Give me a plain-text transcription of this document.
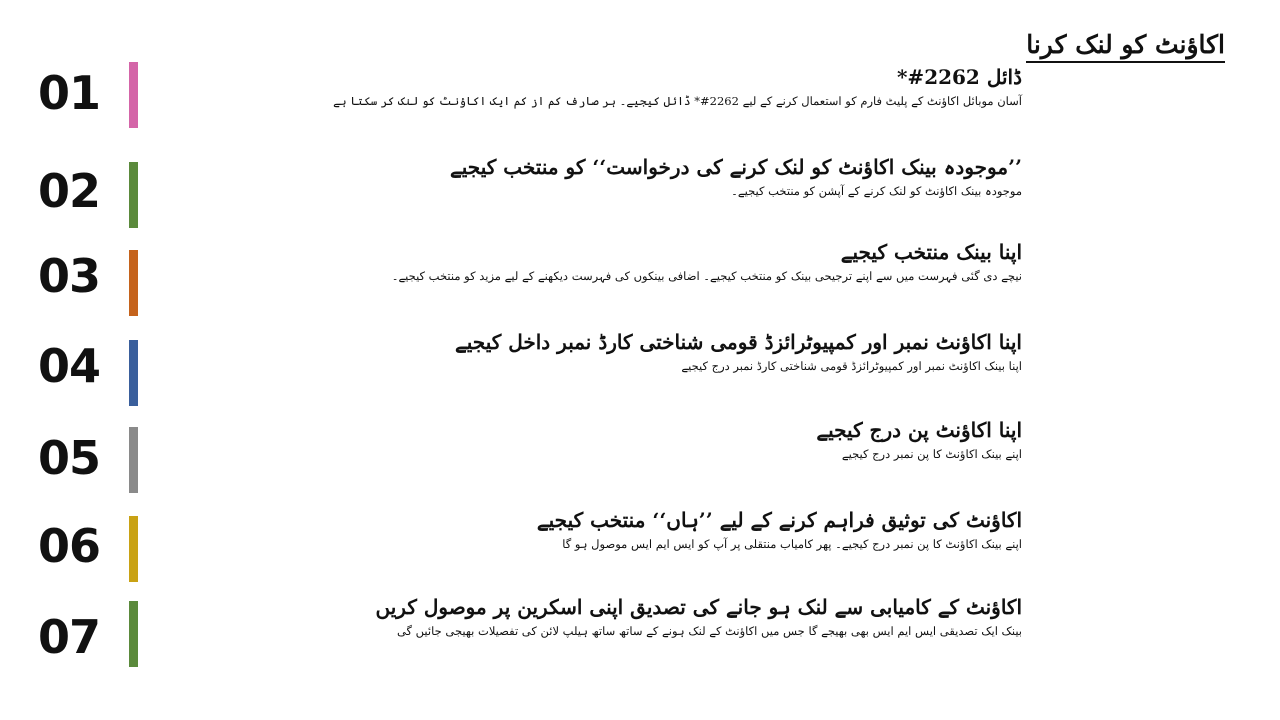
اکاؤنٹ کو لنک کرنا
01	ڈائل 2262#*
آسان موبائل اکاؤنٹ کے پلیٹ فارم کو استعمال کرنے کے لیے 2262#* ڈائل کیجیے۔ ہر صارف کم از کم ایک اکاؤنٹ کو لنک کر سکتا ہے
02	’’موجودہ بینک اکاؤنٹ کو لنک کرنے کی درخواست‘‘ کو منتخب کیجیے
موجودہ بینک اکاؤنٹ کو لنک کرنے کے آپشن کو منتخب کیجیے۔
03	اپنا بینک منتخب کیجیے
نیچے دی گئی فہرست میں سے اپنے ترجیحی بینک کو منتخب کیجیے۔ اضافی بینکوں کی فہرست دیکھنے کے لیے مزید کو منتخب کیجیے۔
04	اپنا اکاؤنٹ نمبر اور کمپیوٹرائزڈ قومی شناختی کارڈ نمبر داخل کیجیے
اپنا بینک اکاؤنٹ نمبر اور کمپیوٹرائزڈ قومی شناختی کارڈ نمبر درج کیجیے
05
اپنا اکاؤنٹ پن درج کیجیے
اپنے بینک اکاؤنٹ کا پن نمبر درج کیجیے
06	اکاؤنٹ کی توثیق فراہم کرنے کے لیے ’’ہاں‘‘ منتخب کیجیے
اپنے بینک اکاؤنٹ کا پن نمبر درج کیجیے۔ پھر کامیاب منتقلی پر آپ کو ایس ایم ایس موصول ہو گا
07
اکاؤنٹ کے کامیابی سے لنک ہو جانے کی تصدیق اپنی اسکرین پر موصول کریں
بینک ایک تصدیقی ایس ایم ایس بھی بھیجے گا جس میں اکاؤنٹ کے لنک ہونے کے ساتھ ساتھ ہیلپ لائن کی تفصیلات بھیجی جائیں گی
